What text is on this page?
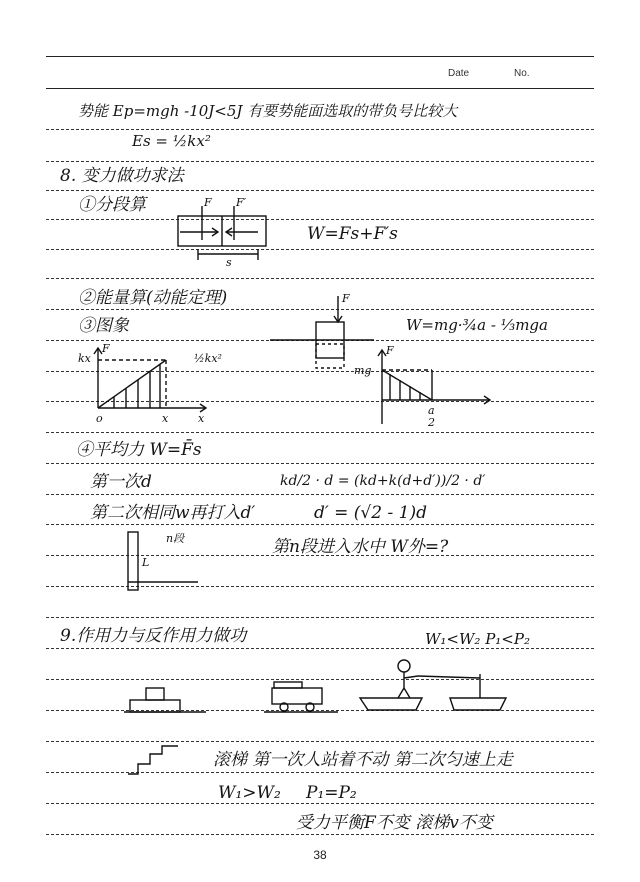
Date	No.
势能 Ep=mgh -10J<5J 有要势能面选取的带负号比较大
Es = ½kx²
8. 变力做功求法
①分段算
W=Fs+F′s
②能量算(动能定理)
③图象	W=mg·¾a - ⅓mga
④平均力 W=F̄s
第一次d	kd/2 · d = (kd+k(d+d′))/2 · d′
第二次相同w再打入d′	d′ = (√2 - 1)d
第n段进入水中 W外=?
9.作用力与反作用力做功	W₁<W₂ P₁<P₂
滚梯 第一次人站着不动 第二次匀速上走
W₁>W₂ P₁=P₂
受力平衡F不变 滚梯v不变
F F′
s
kx
F
o	x	x
½kx²
F
F
mg
a
2
L
n段
38
